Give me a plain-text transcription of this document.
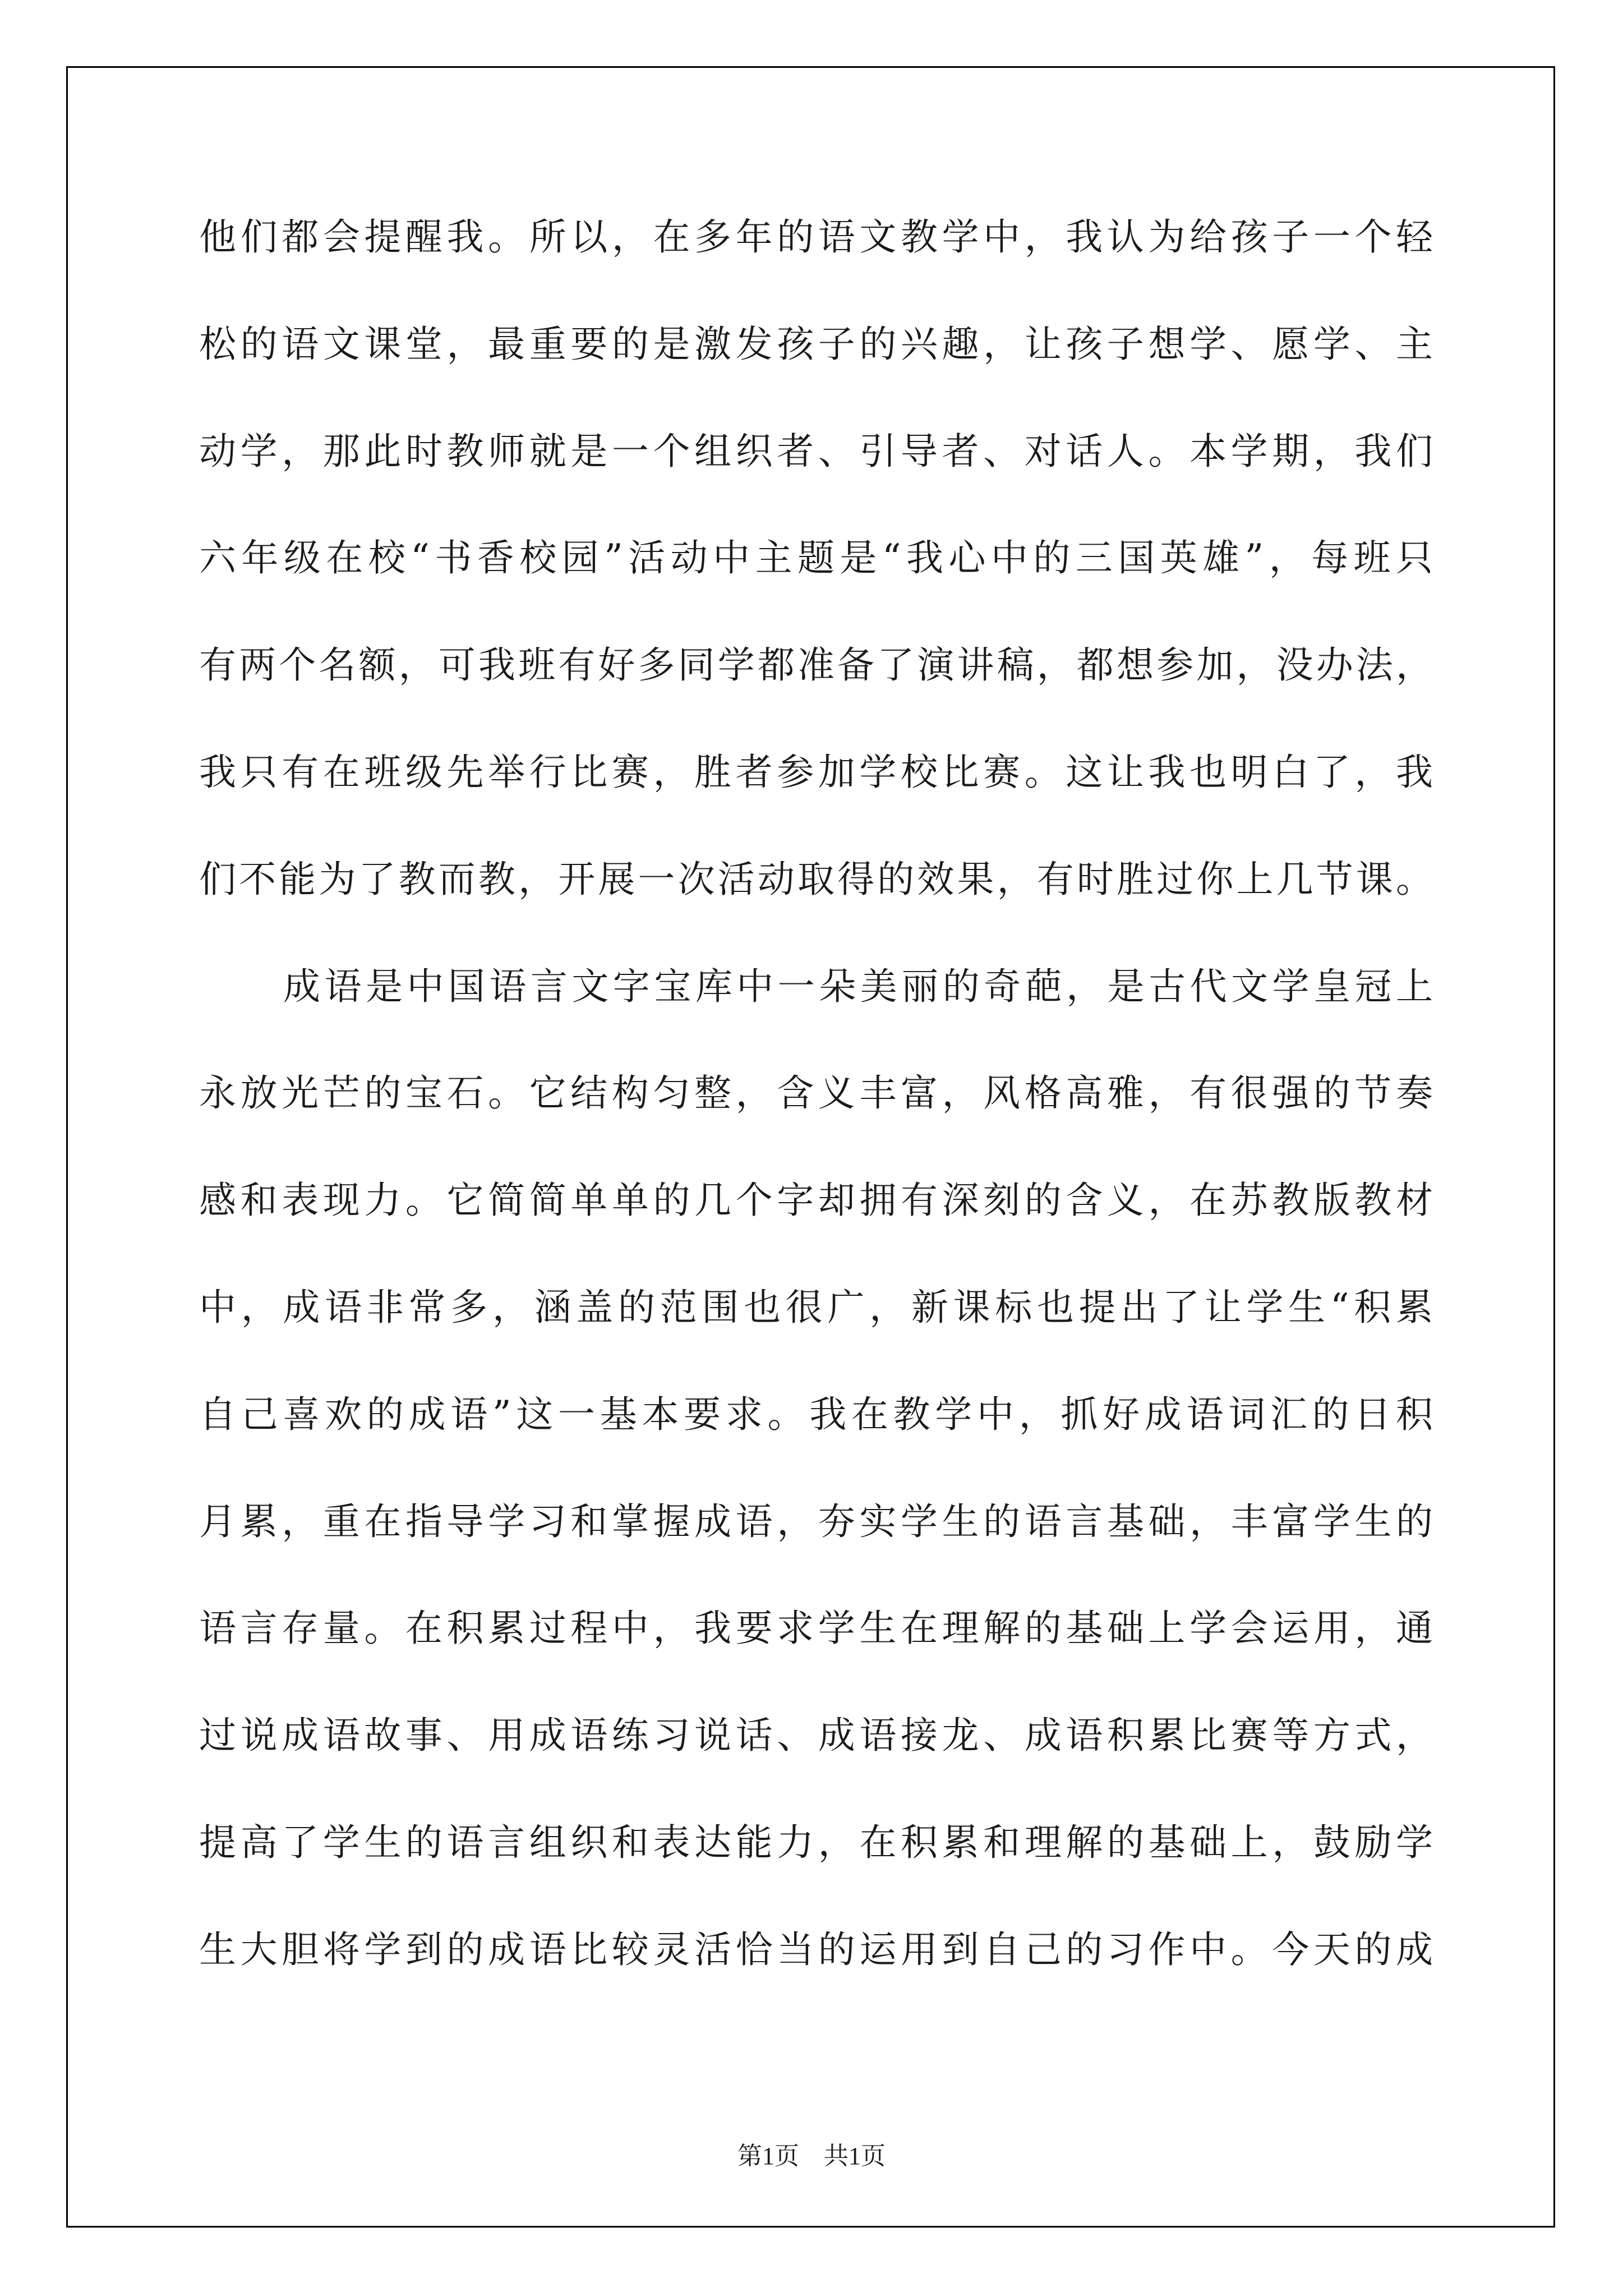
他们都会提醒我。所以，在多年的语文教学中，我认为给孩子一个轻
松的语文课堂，最重要的是激发孩子的兴趣，让孩子想学、愿学、主
动学，那此时教师就是一个组织者、引导者、对话人。本学期，我们
六年级在校“书香校园”活动中主题是“我心中的三国英雄”，每班只
有两个名额，可我班有好多同学都准备了演讲稿，都想参加，没办法，
我只有在班级先举行比赛，胜者参加学校比赛。这让我也明白了，我
们不能为了教而教，开展一次活动取得的效果，有时胜过你上几节课。
成语是中国语言文字宝库中一朵美丽的奇葩，是古代文学皇冠上
永放光芒的宝石。它结构匀整，含义丰富，风格高雅，有很强的节奏
感和表现力。它简简单单的几个字却拥有深刻的含义，在苏教版教材
中，成语非常多，涵盖的范围也很广，新课标也提出了让学生“积累
自己喜欢的成语”这一基本要求。我在教学中，抓好成语词汇的日积
月累，重在指导学习和掌握成语，夯实学生的语言基础，丰富学生的
语言存量。在积累过程中，我要求学生在理解的基础上学会运用，通
过说成语故事、用成语练习说话、成语接龙、成语积累比赛等方式，
提高了学生的语言组织和表达能力，在积累和理解的基础上，鼓励学
生大胆将学到的成语比较灵活恰当的运用到自己的习作中。今天的成
第1页 共1页
